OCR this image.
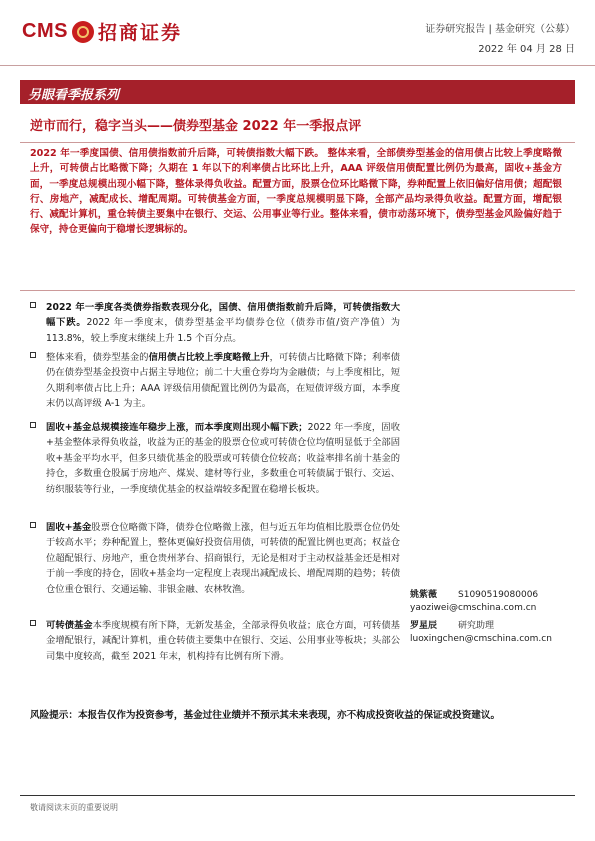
CMS 招商证券	证券研究报告 | 基金研究（公募）
2022 年 04 月 28 日
另眼看季报系列
逆市而行，稳字当头——债券型基金 2022 年一季报点评
2022 年一季度国债、信用债指数前升后降，可转债指数大幅下跌。 整体来看，全部债券型基金的信用债占比较上季度略微上升，可转债占比略微下降；久期在 1 年以下的利率债占比环比上升，AAA 评级信用债配置比例仍为最高，固收+基金方面，一季度总规模出现小幅下降，整体录得负收益。配置方面，股票仓位环比略微下降，券种配置上依旧偏好信用债；超配银行、房地产，减配成长、增配周期。可转债基金方面，一季度总规模明显下降，全部产品均录得负收益。配置方面，增配银行、减配计算机，重仓转债主要集中在银行、交运、公用事业等行业。整体来看，债市动荡环境下，债券型基金风险偏好趋于保守，持仓更偏向于稳增长逻辑标的。
2022 年一季度各类债券指数表现分化，国债、信用债指数前升后降，可转债指数大幅下跌。2022 年一季度末，债券型基金平均债券仓位（债券市值/资产净值）为 113.8%，较上季度末继续上升 1.5 个百分点。
整体来看，债券型基金的信用债占比较上季度略微上升，可转债占比略微下降；利率债仍在债券型基金投资中占据主导地位；前二十大重仓券均为金融债；与上季度相比，短久期利率债占比上升；AAA 评级信用债配置比例仍为最高，在短债评级方面，本季度末仍以高评级 A-1 为主。
固收+基金总规模接连年稳步上涨，而本季度则出现小幅下跌；2022 年一季度，固收+基金整体录得负收益，收益为正的基金的股票仓位或可转债仓位均值明显低于全部固收+基金平均水平，但多只绩优基金的股票或可转债仓位较高；收益率排名前十基金的持仓，多数重仓股属于房地产、煤炭、建材等行业，多数重仓可转债属于银行、交运、纺织服装等行业，一季度绩优基金的权益端较多配置在稳增长板块。
固收+基金股票仓位略微下降，债券仓位略微上涨，但与近五年均值相比股票仓位仍处于较高水平；券种配置上，整体更偏好投资信用债，可转债的配置比例也更高；权益仓位超配银行、房地产，重仓贵州茅台、招商银行，无论是相对于主动权益基金还是相对于前一季度的持仓，固收+基金均一定程度上表现出减配成长、增配周期的趋势；转债仓位重仓银行、交通运输、非银金融、农林牧渔。
可转债基金本季度规模有所下降，无新发基金，全部录得负收益；底仓方面，可转债基金增配银行，减配计算机，重仓转债主要集中在银行、交运、公用事业等板块；头部公司集中度较高，截至 2021 年末，机构持有比例有所下滑。
姚紫薇 S1090519080006
yaoziwei@cmschina.com.cn
罗星辰 研究助理
luoxingchen@cmschina.com.cn
风险提示：本报告仅作为投资参考，基金过往业绩并不预示其未来表现，亦不构成投资收益的保证或投资建议。
敬请阅读末页的重要说明
